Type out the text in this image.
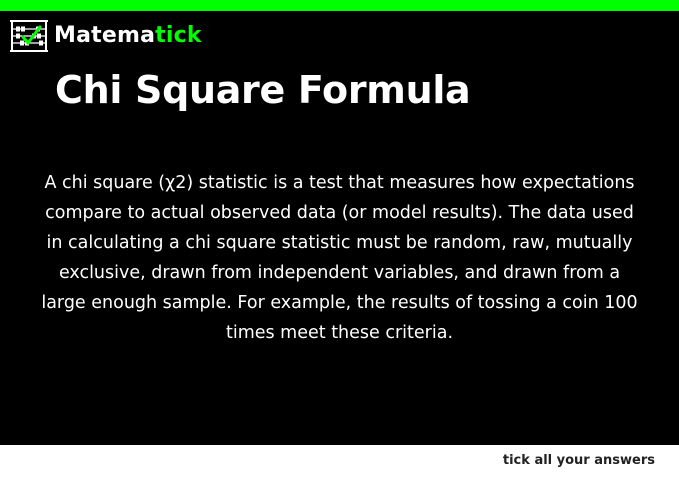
Matematick
Chi Square Formula

A chi square (χ2) statistic is a test that measures how expectations compare to actual observed data (or model results). The data used in calculating a chi square statistic must be random, raw, mutually exclusive, drawn from independent variables, and drawn from a large enough sample. For example, the results of tossing a coin 100 times meet these criteria.

tick all your answers
